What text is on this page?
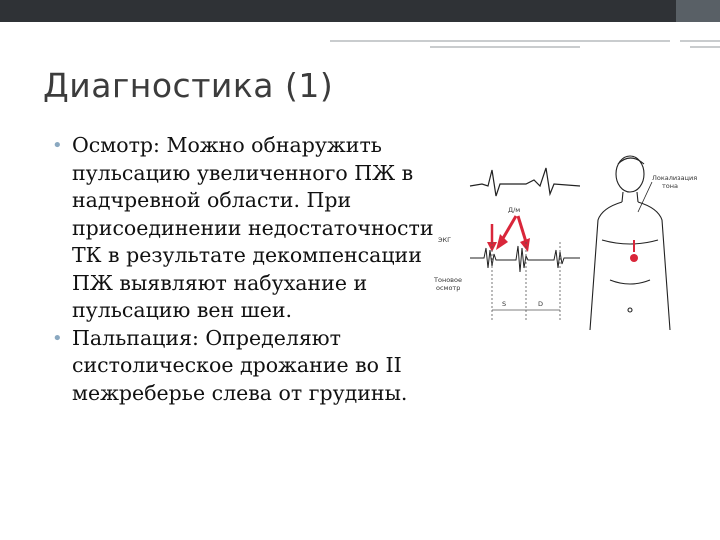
Диагностика (1)
• Осмотр: Можно обнаружить пульсацию увеличенного ПЖ в надчревной области. При присоединении недостаточности ТК в результате декомпенсации ПЖ выявляют набухание и пульсацию вен шеи.
• Пальпация: Определяют систолическое дрожание во II межреберье слева от грудины.
ЭКГ
Тоновое
осмотр
Д/м
S	D
Локализация
тона
